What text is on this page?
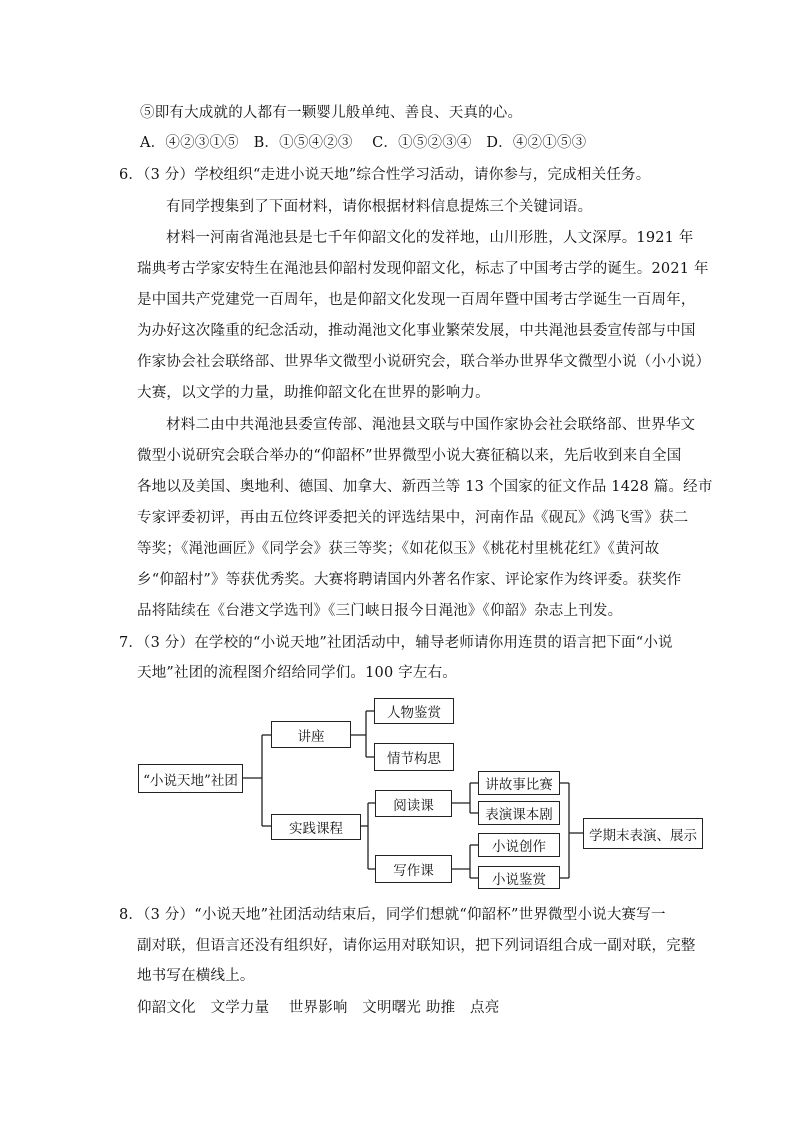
⑤即有大成就的人都有一颗婴儿般单纯、善良、天真的心。
A．④②③①⑤　B．①⑤④②③　 C．①⑤②③④　D．④②①⑤③
6．（3 分）学校组织“走进小说天地”综合性学习活动，请你参与，完成相关任务。
有同学搜集到了下面材料，请你根据材料信息提炼三个关键词语。
材料一河南省渑池县是七千年仰韶文化的发祥地，山川形胜，人文深厚。1921 年
瑞典考古学家安特生在渑池县仰韶村发现仰韶文化，标志了中国考古学的诞生。2021 年
是中国共产党建党一百周年，也是仰韶文化发现一百周年暨中国考古学诞生一百周年，
为办好这次隆重的纪念活动，推动渑池文化事业繁荣发展，中共渑池县委宣传部与中国
作家协会社会联络部、世界华文微型小说研究会，联合举办世界华文微型小说（小小说）
大赛，以文学的力量，助推仰韶文化在世界的影响力。
材料二由中共渑池县委宣传部、渑池县文联与中国作家协会社会联络部、世界华文
微型小说研究会联合举办的“仰韶杯”世界微型小说大赛征稿以来，先后收到来自全国
各地以及美国、奥地利、德国、加拿大、新西兰等 13 个国家的征文作品 1428 篇。经市
专家评委初评，再由五位终评委把关的评选结果中，河南作品《砚瓦》《鸿飞雪》获二
等奖；《渑池画匠》《同学会》获三等奖；《如花似玉》《桃花村里桃花红》《黄河故
乡“仰韶村”》等获优秀奖。大赛将聘请国内外著名作家、评论家作为终评委。获奖作
品将陆续在《台港文学选刊》《三门峡日报今日渑池》《仰韶》杂志上刊发。
7．（3 分）在学校的“小说天地”社团活动中，辅导老师请你用连贯的语言把下面“小说
天地”社团的流程图介绍给同学们。100 字左右。
“小说天地”社团
讲座
人物鉴赏
情节构思
实践课程
阅读课
写作课
讲故事比赛
表演课本剧
小说创作
小说鉴赏
学期末表演、展示
8．（3 分）“小说天地”社团活动结束后，同学们想就“仰韶杯”世界微型小说大赛写一
副对联，但语言还没有组织好，请你运用对联知识，把下列词语组合成一副对联，完整
地书写在横线上。
仰韶文化　文学力量　 世界影响　文明曙光 助推　点亮
